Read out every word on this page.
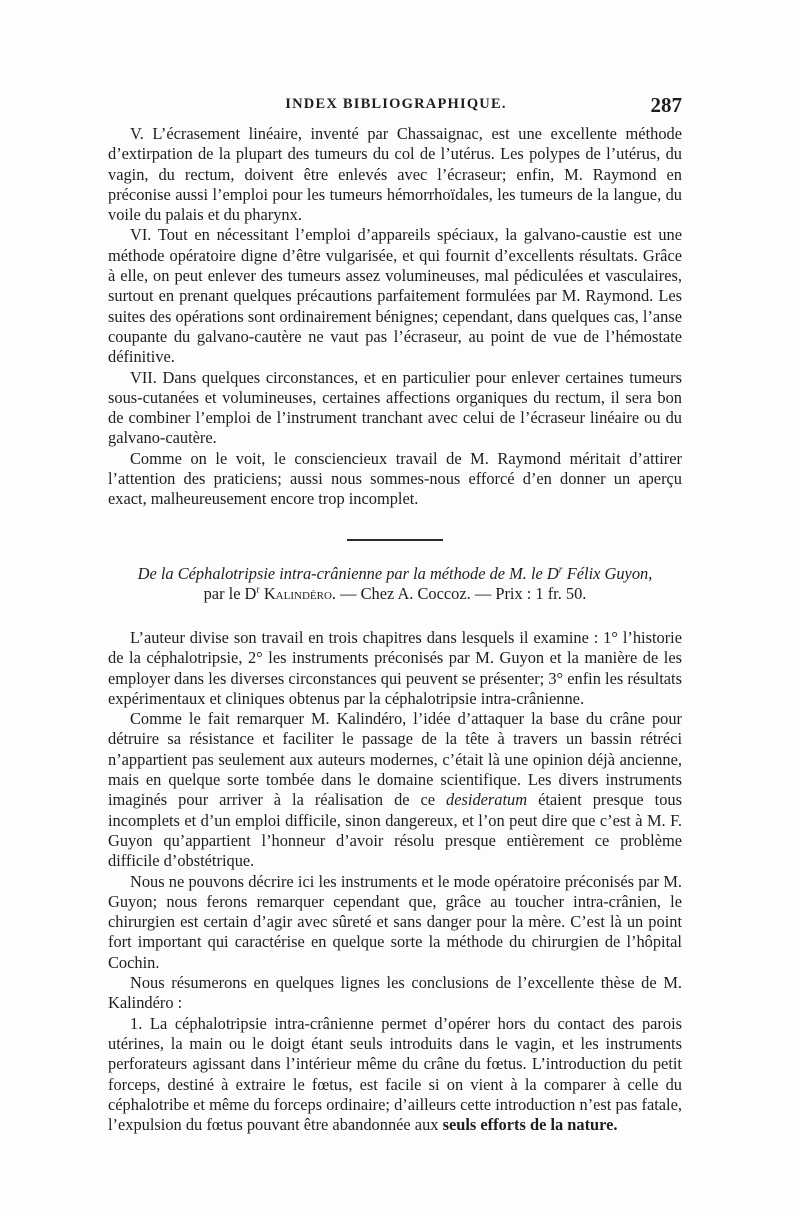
INDEX BIBLIOGRAPHIQUE.	287

V. L’écrasement linéaire, inventé par Chassaignac, est une excellente méthode d’extirpation de la plupart des tumeurs du col de l’utérus. Les polypes de l’utérus, du vagin, du rectum, doivent être enlevés avec l’écraseur; enfin, M. Raymond en préconise aussi l’emploi pour les tumeurs hémorrhoïdales, les tumeurs de la langue, du voile du palais et du pharynx.

VI. Tout en nécessitant l’emploi d’appareils spéciaux, la galvano-caustie est une méthode opératoire digne d’être vulgarisée, et qui fournit d’excellents résultats. Grâce à elle, on peut enlever des tumeurs assez volumineuses, mal pédiculées et vasculaires, surtout en prenant quelques précautions parfaitement formulées par M. Raymond. Les suites des opérations sont ordinairement bénignes; cependant, dans quelques cas, l’anse coupante du galvano-cautère ne vaut pas l’écraseur, au point de vue de l’hémostate définitive.

VII. Dans quelques circonstances, et en particulier pour enlever certaines tumeurs sous-cutanées et volumineuses, certaines affections organiques du rectum, il sera bon de combiner l’emploi de l’instrument tranchant avec celui de l’écraseur linéaire ou du galvano-cautère.

Comme on le voit, le consciencieux travail de M. Raymond méritait d’attirer l’attention des praticiens; aussi nous sommes-nous efforcé d’en donner un aperçu exact, malheureusement encore trop incomplet.

De la Céphalotripsie intra-crânienne par la méthode de M. le $D^r$ Félix Guyon,
par le $D^r$ Kalindéro. — Chez A. Coccoz. — Prix : 1 fr. 50.

L’auteur divise son travail en trois chapitres dans lesquels il examine : 1° l’historie de la céphalotripsie, 2° les instruments préconisés par M. Guyon et la manière de les employer dans les diverses circonstances qui peuvent se présenter; 3° enfin les résultats expérimentaux et cliniques obtenus par la céphalotripsie intra-crânienne.

Comme le fait remarquer M. Kalindéro, l’idée d’attaquer la base du crâne pour détruire sa résistance et faciliter le passage de la tête à travers un bassin rétréci n’appartient pas seulement aux auteurs modernes, c’était là une opinion déjà ancienne, mais en quelque sorte tombée dans le domaine scientifique. Les divers instruments imaginés pour arriver à la réalisation de ce desideratum étaient presque tous incomplets et d’un emploi difficile, sinon dangereux, et l’on peut dire que c’est à M. F. Guyon qu’appartient l’honneur d’avoir résolu presque entièrement ce problème difficile d’obstétrique.

Nous ne pouvons décrire ici les instruments et le mode opératoire préconisés par M. Guyon; nous ferons remarquer cependant que, grâce au toucher intra-crânien, le chirurgien est certain d’agir avec sûreté et sans danger pour la mère. C’est là un point fort important qui caractérise en quelque sorte la méthode du chirurgien de l’hôpital Cochin.

Nous résumerons en quelques lignes les conclusions de l’excellente thèse de M. Kalindéro :

1. La céphalotripsie intra-crânienne permet d’opérer hors du contact des parois utérines, la main ou le doigt étant seuls introduits dans le vagin, et les instruments perforateurs agissant dans l’intérieur même du crâne du fœtus. L’introduction du petit forceps, destiné à extraire le fœtus, est facile si on vient à la comparer à celle du céphalotribe et même du forceps ordinaire; d’ailleurs cette introduction n’est pas fatale, l’expulsion du fœtus pouvant être abandonnée aux seuls efforts de la nature.
